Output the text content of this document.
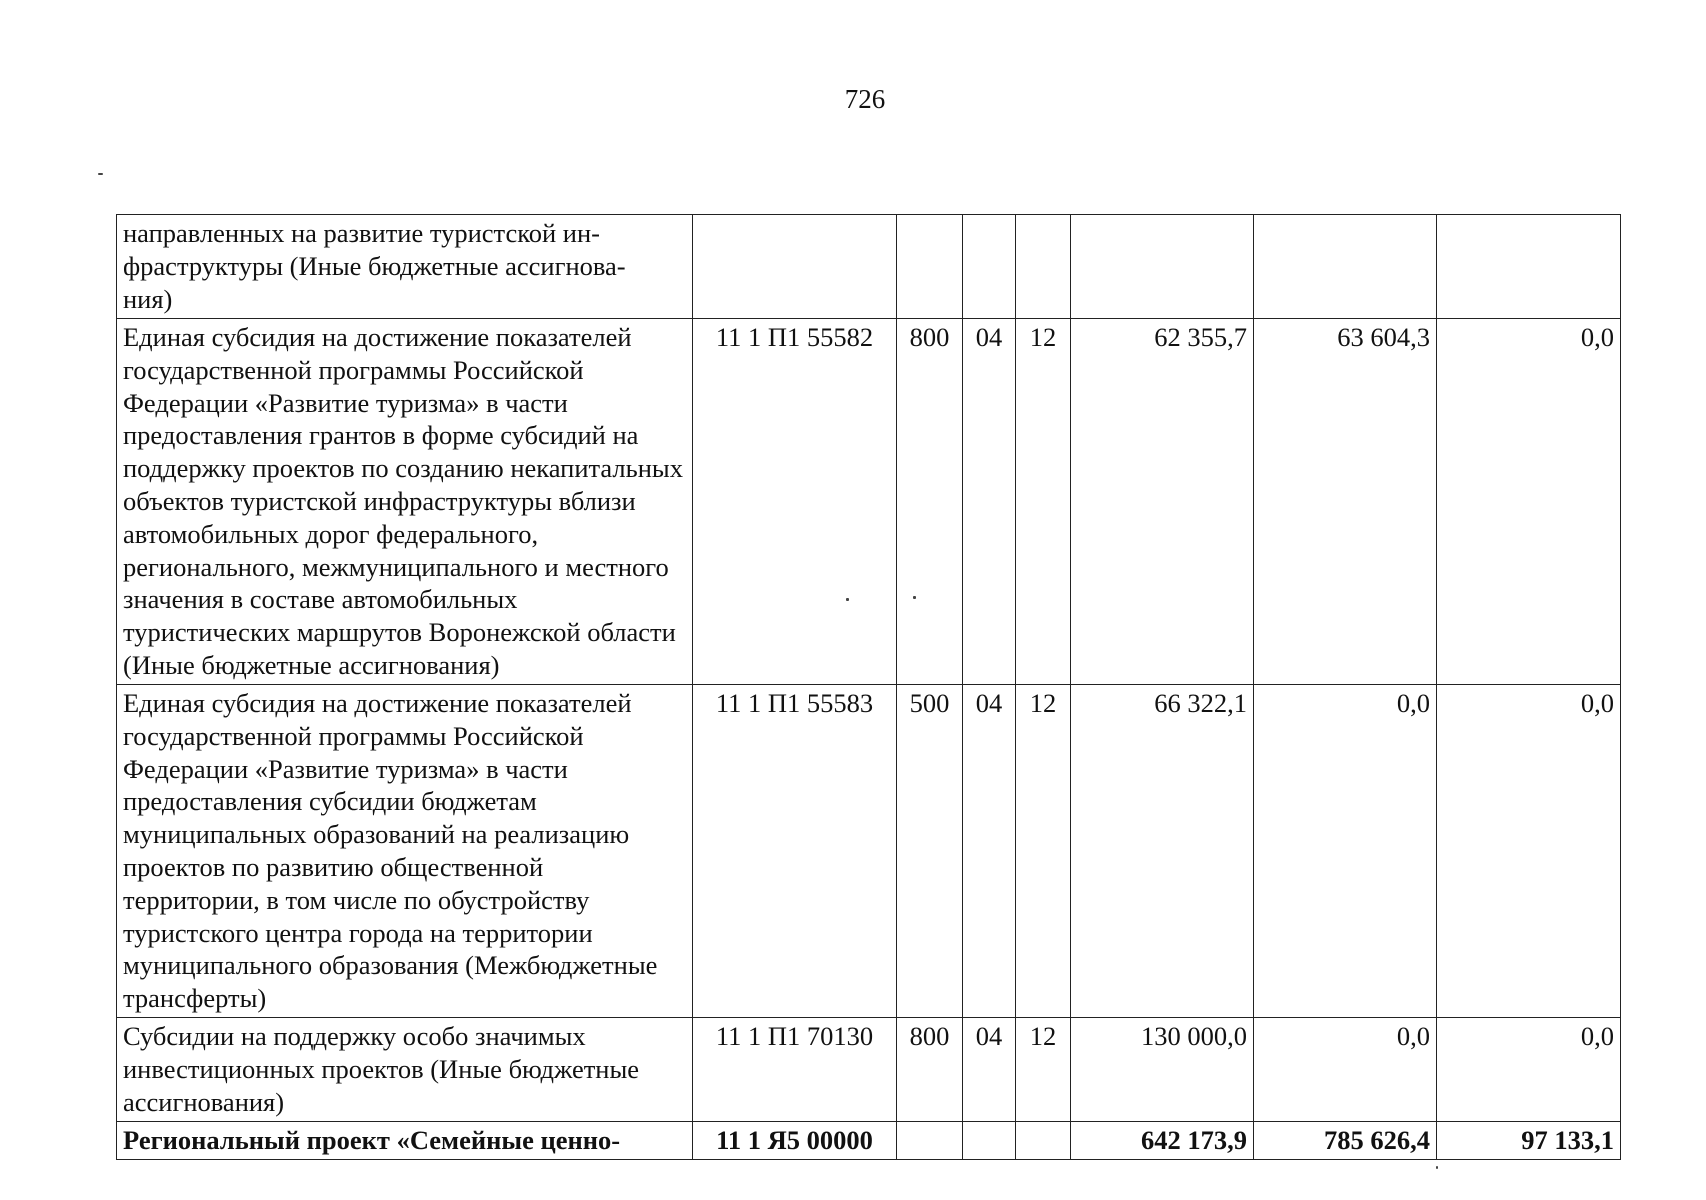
726
направленных на развитие туристской ин-
фраструктуры (Иные бюджетные ассигнова-
ния)							
Единая субсидия на достижение показателей государственной программы Российской Федерации «Развитие туризма» в части предоставления грантов в форме субсидий на поддержку проектов по созданию некапитальных объектов туристской инфраструктуры вблизи автомобильных дорог федерального, регионального, межмуниципального и местного значения в составе автомобильных туристических маршрутов Воронежской области (Иные бюджетные ассигнования)	11 1 П1 55582	800	04	12	62 355,7	63 604,3	0,0
Единая субсидия на достижение показателей государственной программы Российской Федерации «Развитие туризма» в части предоставления субсидии бюджетам муниципальных образований на реализацию проектов по развитию общественной территории, в том числе по обустройству туристского центра города на территории муниципального образования (Межбюджетные трансферты)	11 1 П1 55583	500	04	12	66 322,1	0,0	0,0
Субсидии на поддержку особо значимых инвестиционных проектов (Иные бюджетные ассигнования)	11 1 П1 70130	800	04	12	130 000,0	0,0	0,0
Региональный проект «Семейные ценно-	11 1 Я5 00000				642 173,9	785 626,4	97 133,1
